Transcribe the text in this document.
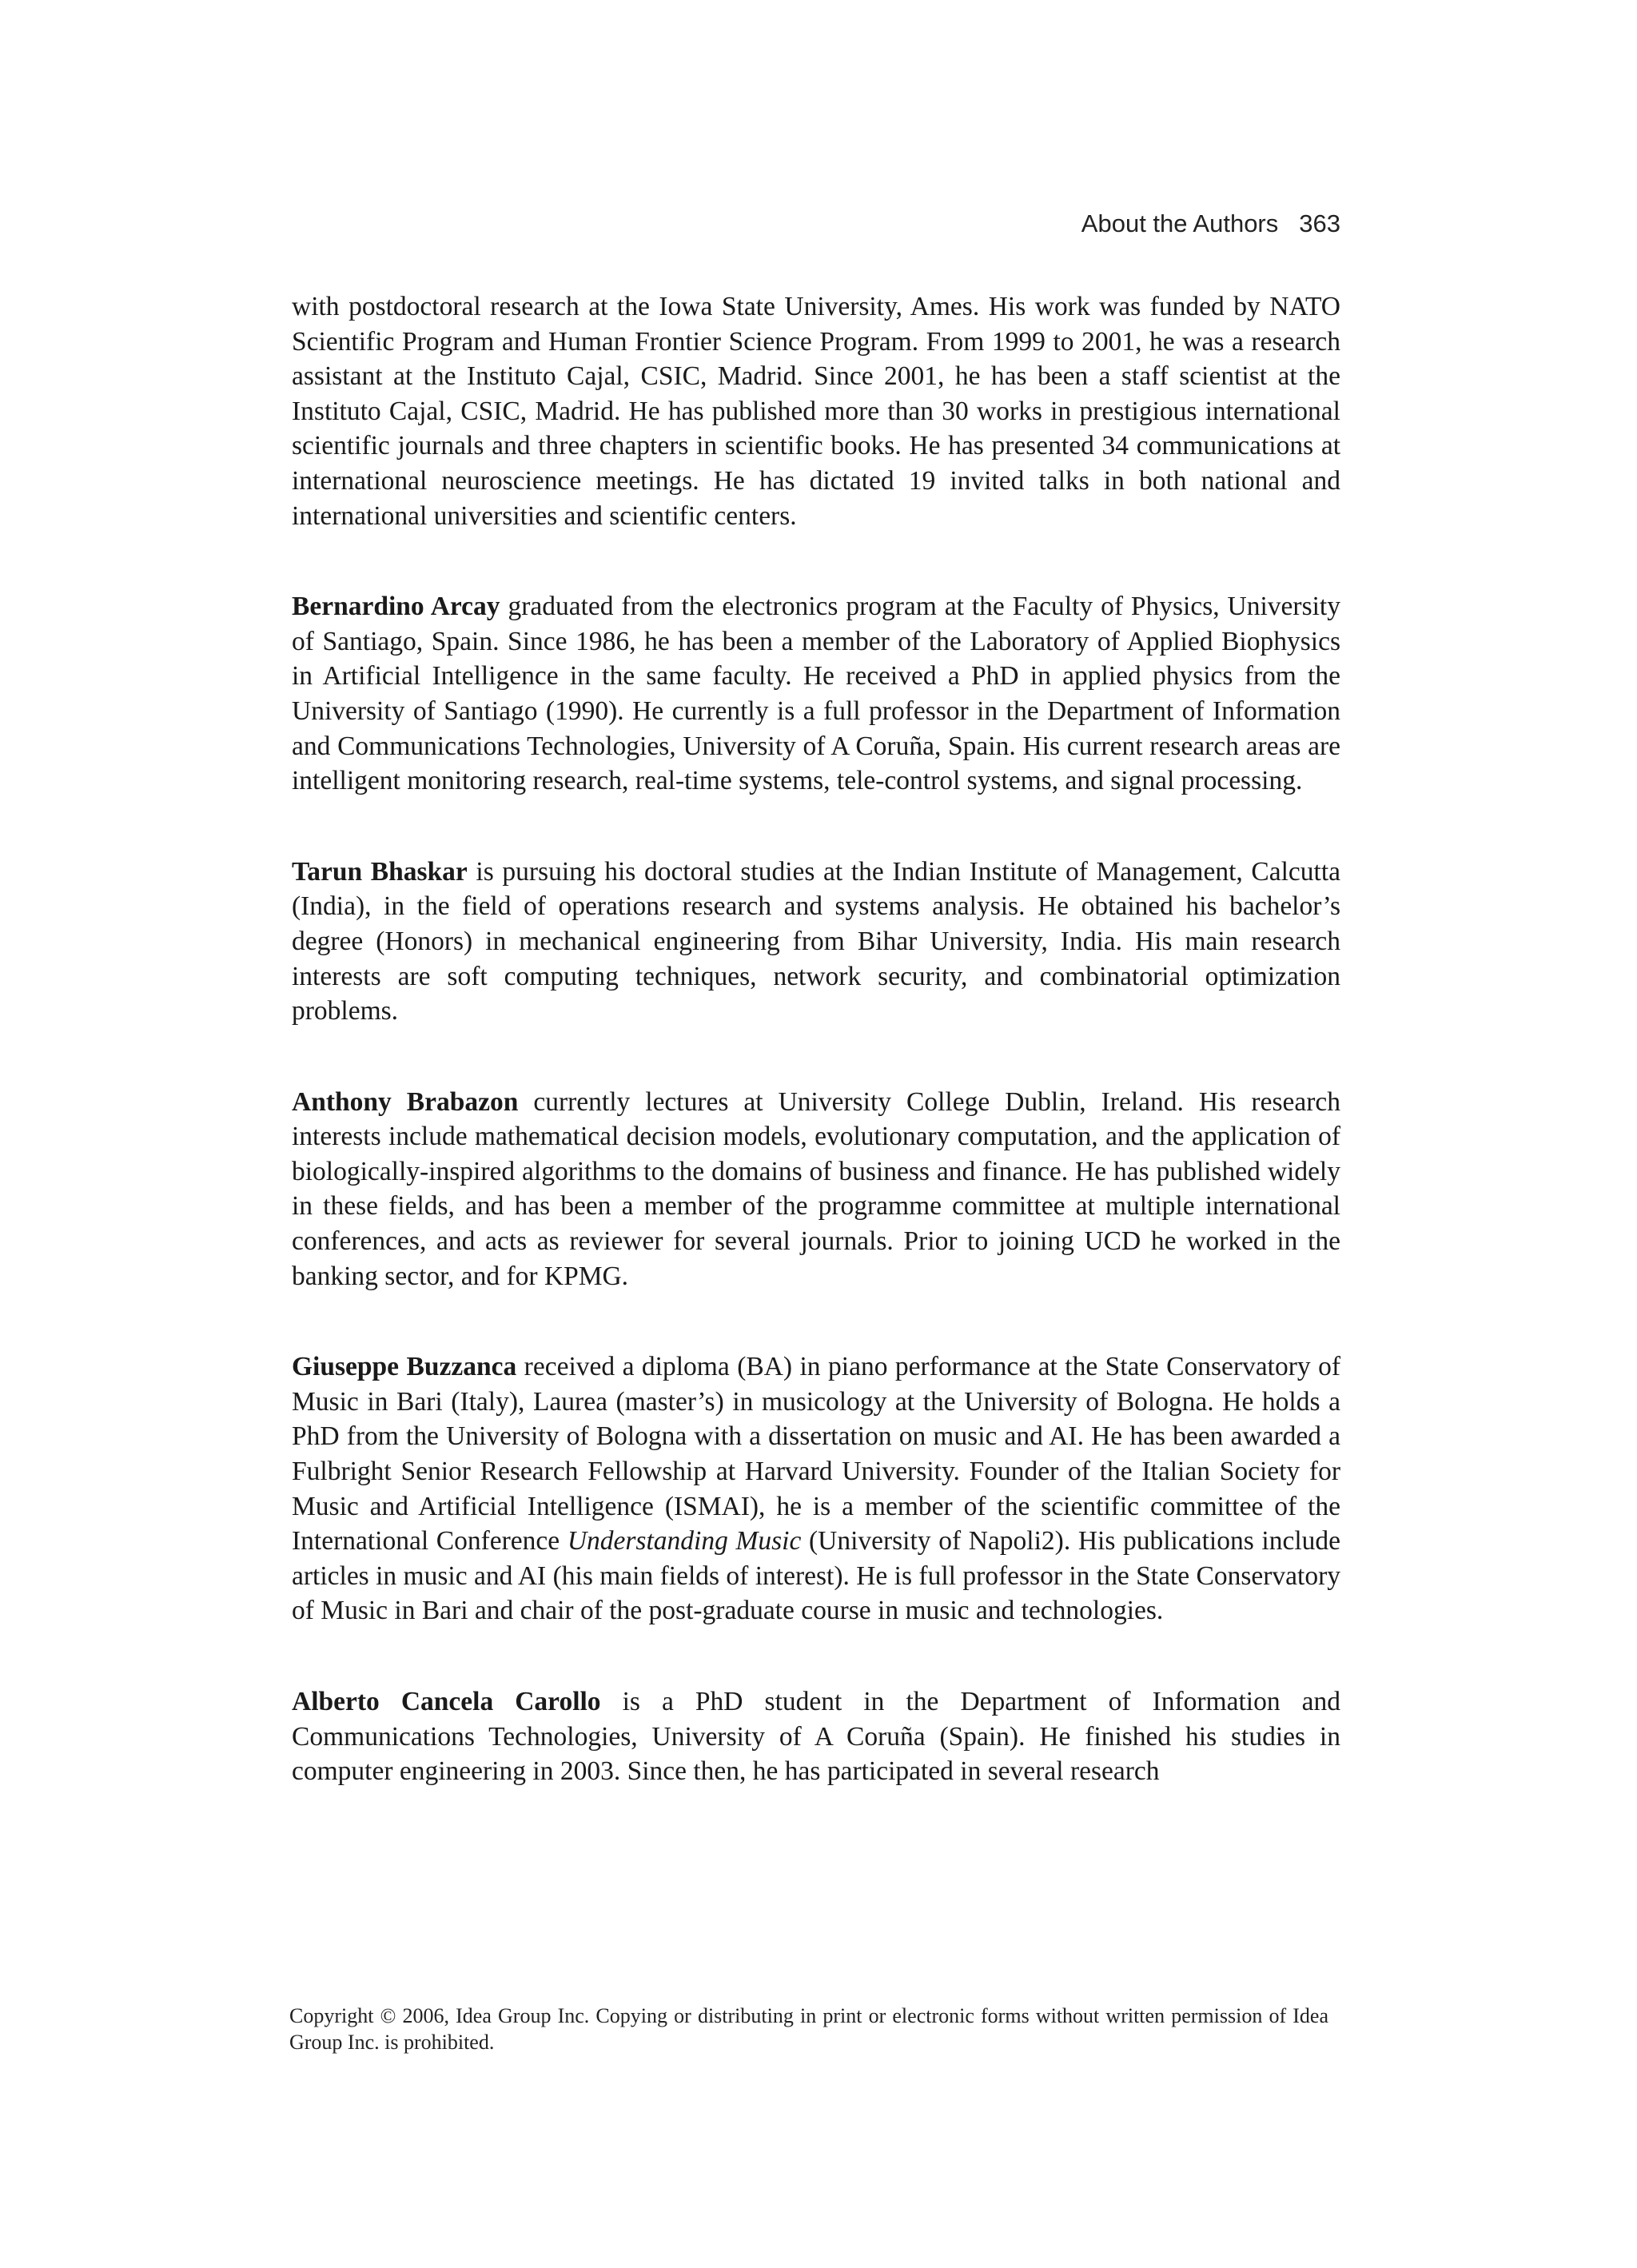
About the Authors 363

with postdoctoral research at the Iowa State University, Ames. His work was funded by NATO Scientific Program and Human Frontier Science Program. From 1999 to 2001, he was a research assistant at the Instituto Cajal, CSIC, Madrid. Since 2001, he has been a staff scientist at the Instituto Cajal, CSIC, Madrid. He has published more than 30 works in prestigious international scientific journals and three chapters in scientific books. He has presented 34 communications at international neuroscience meetings. He has dictated 19 invited talks in both national and international universities and scientific centers.

Bernardino Arcay graduated from the electronics program at the Faculty of Physics, University of Santiago, Spain. Since 1986, he has been a member of the Laboratory of Applied Biophysics in Artificial Intelligence in the same faculty. He received a PhD in applied physics from the University of Santiago (1990). He currently is a full professor in the Department of Information and Communications Technologies, University of A Coruña, Spain. His current research areas are intelligent monitoring research, real-time systems, tele-control systems, and signal processing.

Tarun Bhaskar is pursuing his doctoral studies at the Indian Institute of Management, Calcutta (India), in the field of operations research and systems analysis. He obtained his bachelor’s degree (Honors) in mechanical engineering from Bihar University, India. His main research interests are soft computing techniques, network security, and combinatorial optimization problems.

Anthony Brabazon currently lectures at University College Dublin, Ireland. His research interests include mathematical decision models, evolutionary computation, and the application of biologically-inspired algorithms to the domains of business and finance. He has published widely in these fields, and has been a member of the programme committee at multiple international conferences, and acts as reviewer for several journals. Prior to joining UCD he worked in the banking sector, and for KPMG.

Giuseppe Buzzanca received a diploma (BA) in piano performance at the State Conservatory of Music in Bari (Italy), Laurea (master’s) in musicology at the University of Bologna. He holds a PhD from the University of Bologna with a dissertation on music and AI. He has been awarded a Fulbright Senior Research Fellowship at Harvard University. Founder of the Italian Society for Music and Artificial Intelligence (ISMAI), he is a member of the scientific committee of the International Conference Understanding Music (University of Napoli2). His publications include articles in music and AI (his main fields of interest). He is full professor in the State Conservatory of Music in Bari and chair of the post-graduate course in music and technologies.

Alberto Cancela Carollo is a PhD student in the Department of Information and Communications Technologies, University of A Coruña (Spain). He finished his studies in computer engineering in 2003. Since then, he has participated in several research

Copyright © 2006, Idea Group Inc. Copying or distributing in print or electronic forms without written permission of Idea Group Inc. is prohibited.
